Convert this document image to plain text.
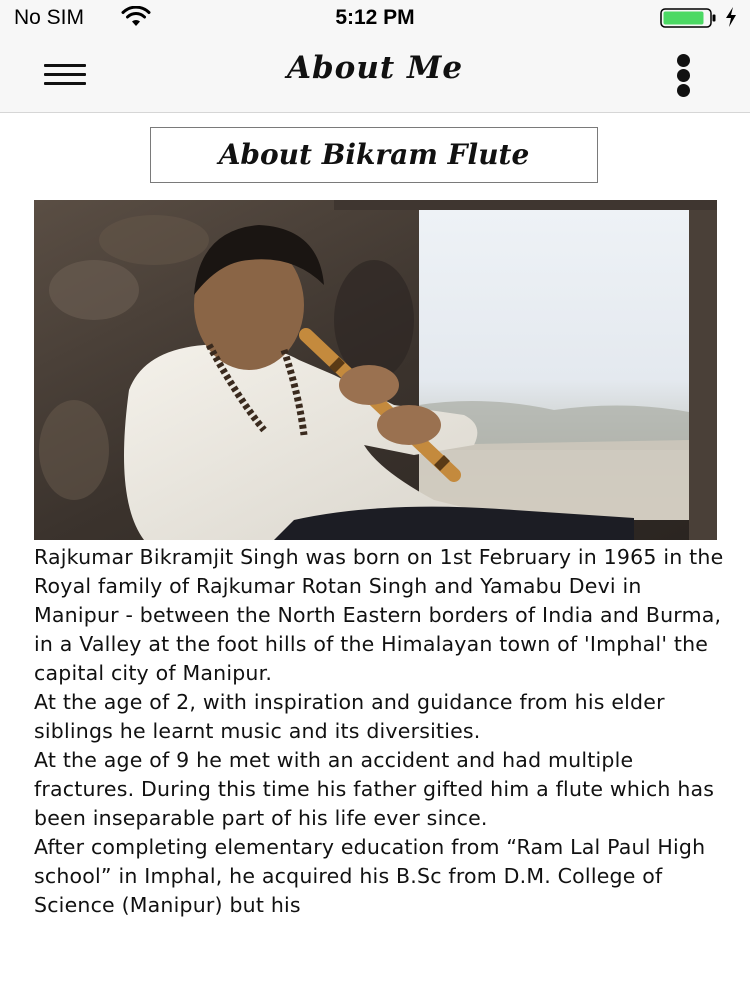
No SIM	5:12 PM
About Me
About Bikram Flute

Rajkumar Bikramjit Singh was born on 1st February in 1965 in the Royal family of Rajkumar Rotan Singh and Yamabu Devi in Manipur - between the North Eastern borders of India and Burma, in a Valley at the foot hills of the Himalayan town of 'Imphal' the capital city of Manipur.

At the age of 2, with inspiration and guidance from his elder siblings he learnt music and its diversities.

At the age of 9 he met with an accident and had multiple fractures. During this time his father gifted him a flute which has been inseparable part of his life ever since.

After completing elementary education from “Ram Lal Paul High school” in Imphal, he acquired his B.Sc from D.M. College of Science (Manipur) but his
